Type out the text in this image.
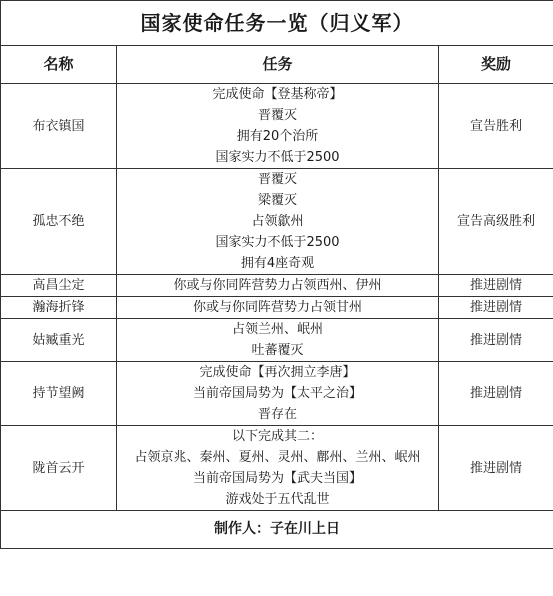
国家使命任务一览（归义军）		
名称	任务	奖励
布衣镇国	完成使命【登基称帝】
晋覆灭
拥有20个治所
国家实力不低于2500	宣告胜利
孤忠不绝	晋覆灭
梁覆灭
占领歙州
国家实力不低于2500
拥有4座奇观	宣告高级胜利
高昌尘定	你或与你同阵营势力占领西州、伊州	推进剧情
瀚海折锋	你或与你同阵营势力占领甘州	推进剧情
姑臧重光	占领兰州、岷州
吐蕃覆灭	推进剧情
持节望阙	完成使命【再次拥立李唐】
当前帝国局势为【太平之治】
晋存在	推进剧情
陇首云开	以下完成其二：
占领京兆、秦州、夏州、灵州、鄜州、兰州、岷州
当前帝国局势为【武夫当国】
游戏处于五代乱世	推进剧情
制作人：子在川上日		
